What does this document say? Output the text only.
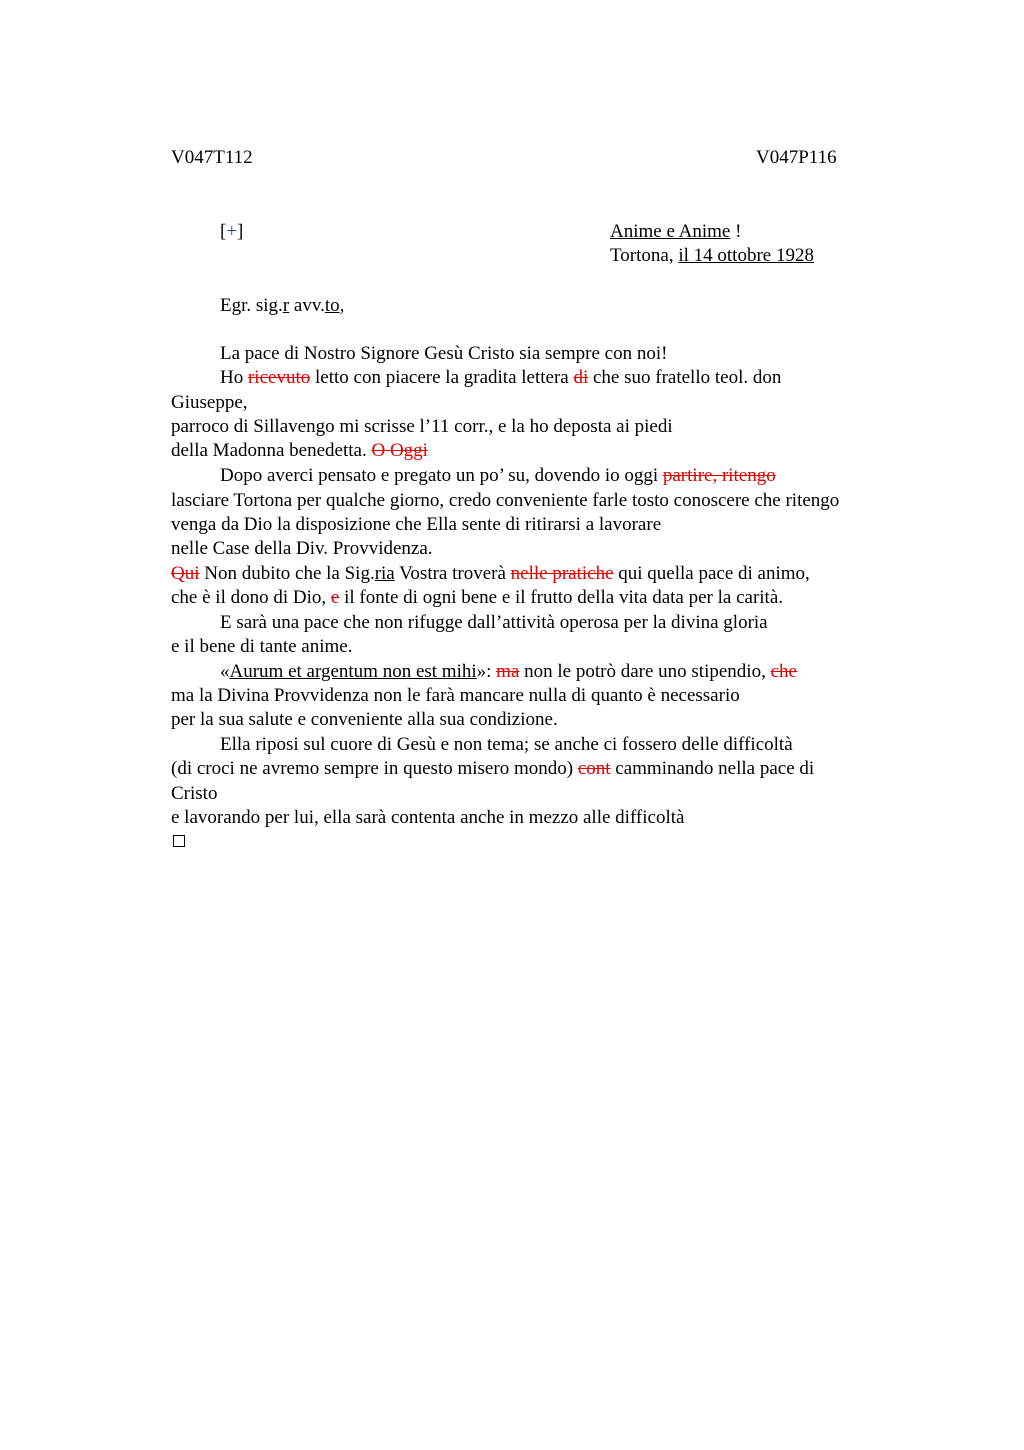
V047T112	V047P116
[+]	Anime e Anime !
Tortona, il 14 ottobre 1928
Egr. sig.r avv.to,
La pace di Nostro Signore Gesù Cristo sia sempre con noi!
Ho ricevuto letto con piacere la gradita lettera di che suo fratello teol. don
Giuseppe,
parroco di Sillavengo mi scrisse l’11 corr., e la ho deposta ai piedi
della Madonna benedetta. O Oggi
Dopo averci pensato e pregato un po’ su, dovendo io oggi partire, ritengo
lasciare Tortona per qualche giorno, credo conveniente farle tosto conoscere che ritengo
venga da Dio la disposizione che Ella sente di ritirarsi a lavorare
nelle Case della Div. Provvidenza.
Qui Non dubito che la Sig.ria Vostra troverà nelle pratiche qui quella pace di animo,
che è il dono di Dio, e il fonte di ogni bene e il frutto della vita data per la carità.
E sarà una pace che non rifugge dall’attività operosa per la divina gloria
e il bene di tante anime.
«Aurum et argentum non est mihi»: ma non le potrò dare uno stipendio, che
ma la Divina Provvidenza non le farà mancare nulla di quanto è necessario
per la sua salute e conveniente alla sua condizione.
Ella riposi sul cuore di Gesù e non tema; se anche ci fossero delle difficoltà
(di croci ne avremo sempre in questo misero mondo) cont camminando nella pace di
Cristo
e lavorando per lui, ella sarà contenta anche in mezzo alle difficoltà
